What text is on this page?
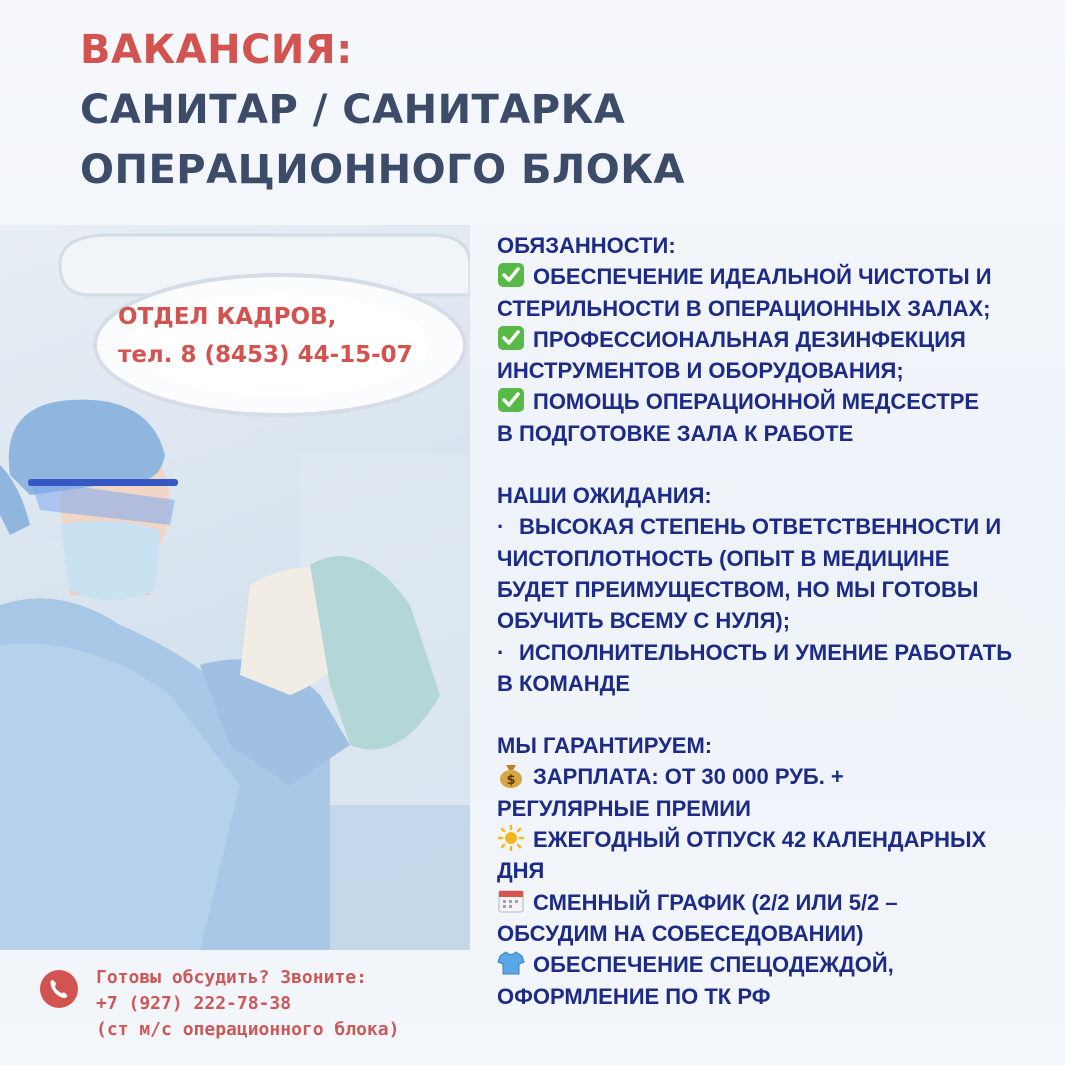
ВАКАНСИЯ:
САНИТАР / САНИТАРКА
ОПЕРАЦИОННОГО БЛОКА
ОТДЕЛ КАДРОВ,
тел. 8 (8453) 44-15-07
ОБЯЗАННОСТИ:
ОБЕСПЕЧЕНИЕ ИДЕАЛЬНОЙ ЧИСТОТЫ И
СТЕРИЛЬНОСТИ В ОПЕРАЦИОННЫХ ЗАЛАХ;
ПРОФЕССИОНАЛЬНАЯ ДЕЗИНФЕКЦИЯ
ИНСТРУМЕНТОВ И ОБОРУДОВАНИЯ;
ПОМОЩЬ ОПЕРАЦИОННОЙ МЕДСЕСТРЕ
В ПОДГОТОВКЕ ЗАЛА К РАБОТЕ
НАШИ ОЖИДАНИЯ:
· ВЫСОКАЯ СТЕПЕНЬ ОТВЕТСТВЕННОСТИ И
ЧИСТОПЛОТНОСТЬ (ОПЫТ В МЕДИЦИНЕ
БУДЕТ ПРЕИМУЩЕСТВОМ, НО МЫ ГОТОВЫ
ОБУЧИТЬ ВСЕМУ С НУЛЯ);
· ИСПОЛНИТЕЛЬНОСТЬ И УМЕНИЕ РАБОТАТЬ
В КОМАНДЕ
МЫ ГАРАНТИРУЕМ:
$ ЗАРПЛАТА: ОТ 30 000 РУБ. +
РЕГУЛЯРНЫЕ ПРЕМИИ
ЕЖЕГОДНЫЙ ОТПУСК 42 КАЛЕНДАРНЫХ
ДНЯ
СМЕННЫЙ ГРАФИК (2/2 ИЛИ 5/2 –
ОБСУДИМ НА СОБЕСЕДОВАНИИ)
ОБЕСПЕЧЕНИЕ СПЕЦОДЕЖДОЙ,
ОФОРМЛЕНИЕ ПО ТК РФ
Готовы обсудить? Звоните:
+7 (927) 222-78-38
(ст м/с операционного блока)
